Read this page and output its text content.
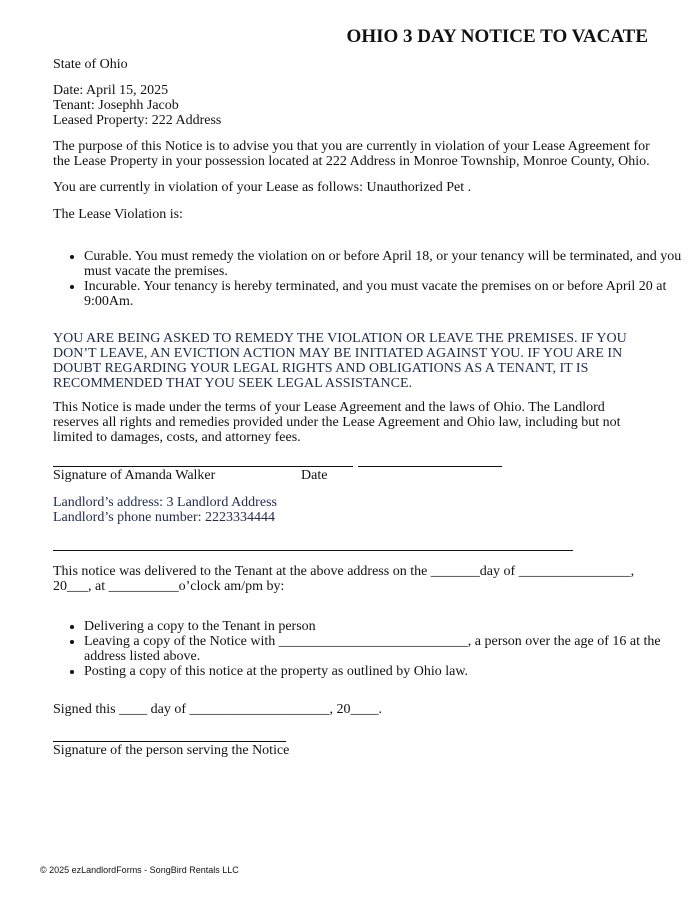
OHIO 3 DAY NOTICE TO VACATE

State of Ohio

Date: April 15, 2025

Tenant: Josephh Jacob

Leased Property: 222 Address

The purpose of this Notice is to advise you that you are currently in violation of your Lease Agreement for the Lease Property in your possession located at 222 Address in Monroe Township, Monroe County, Ohio.

You are currently in violation of your Lease as follows: Unauthorized Pet .

The Lease Violation is:

• Curable. You must remedy the violation on or before April 18, or your tenancy will be terminated, and you must vacate the premises.
• Incurable. Your tenancy is hereby terminated, and you must vacate the premises on or before April 20 at 9:00Am.

YOU ARE BEING ASKED TO REMEDY THE VIOLATION OR LEAVE THE PREMISES. IF YOU DON’T LEAVE, AN EVICTION ACTION MAY BE INITIATED AGAINST YOU. IF YOU ARE IN DOUBT REGARDING YOUR LEGAL RIGHTS AND OBLIGATIONS AS A TENANT, IT IS RECOMMENDED THAT YOU SEEK LEGAL ASSISTANCE.

This Notice is made under the terms of your Lease Agreement and the laws of Ohio. The Landlord reserves all rights and remedies provided under the Lease Agreement and Ohio law, including but not limited to damages, costs, and attorney fees.

Signature of Amanda Walker	Date

Landlord’s address: 3 Landlord Address

Landlord’s phone number: 2223334444

This notice was delivered to the Tenant at the above address on the _______day of ________________, 20___, at __________o’clock am/pm by:

• Delivering a copy to the Tenant in person
• Leaving a copy of the Notice with ___________________________, a person over the age of 16 at the address listed above.
• Posting a copy of this notice at the property as outlined by Ohio law.

Signed this ____ day of ____________________, 20____.

Signature of the person serving the Notice

© 2025 ezLandlordForms - SongBird Rentals LLC
